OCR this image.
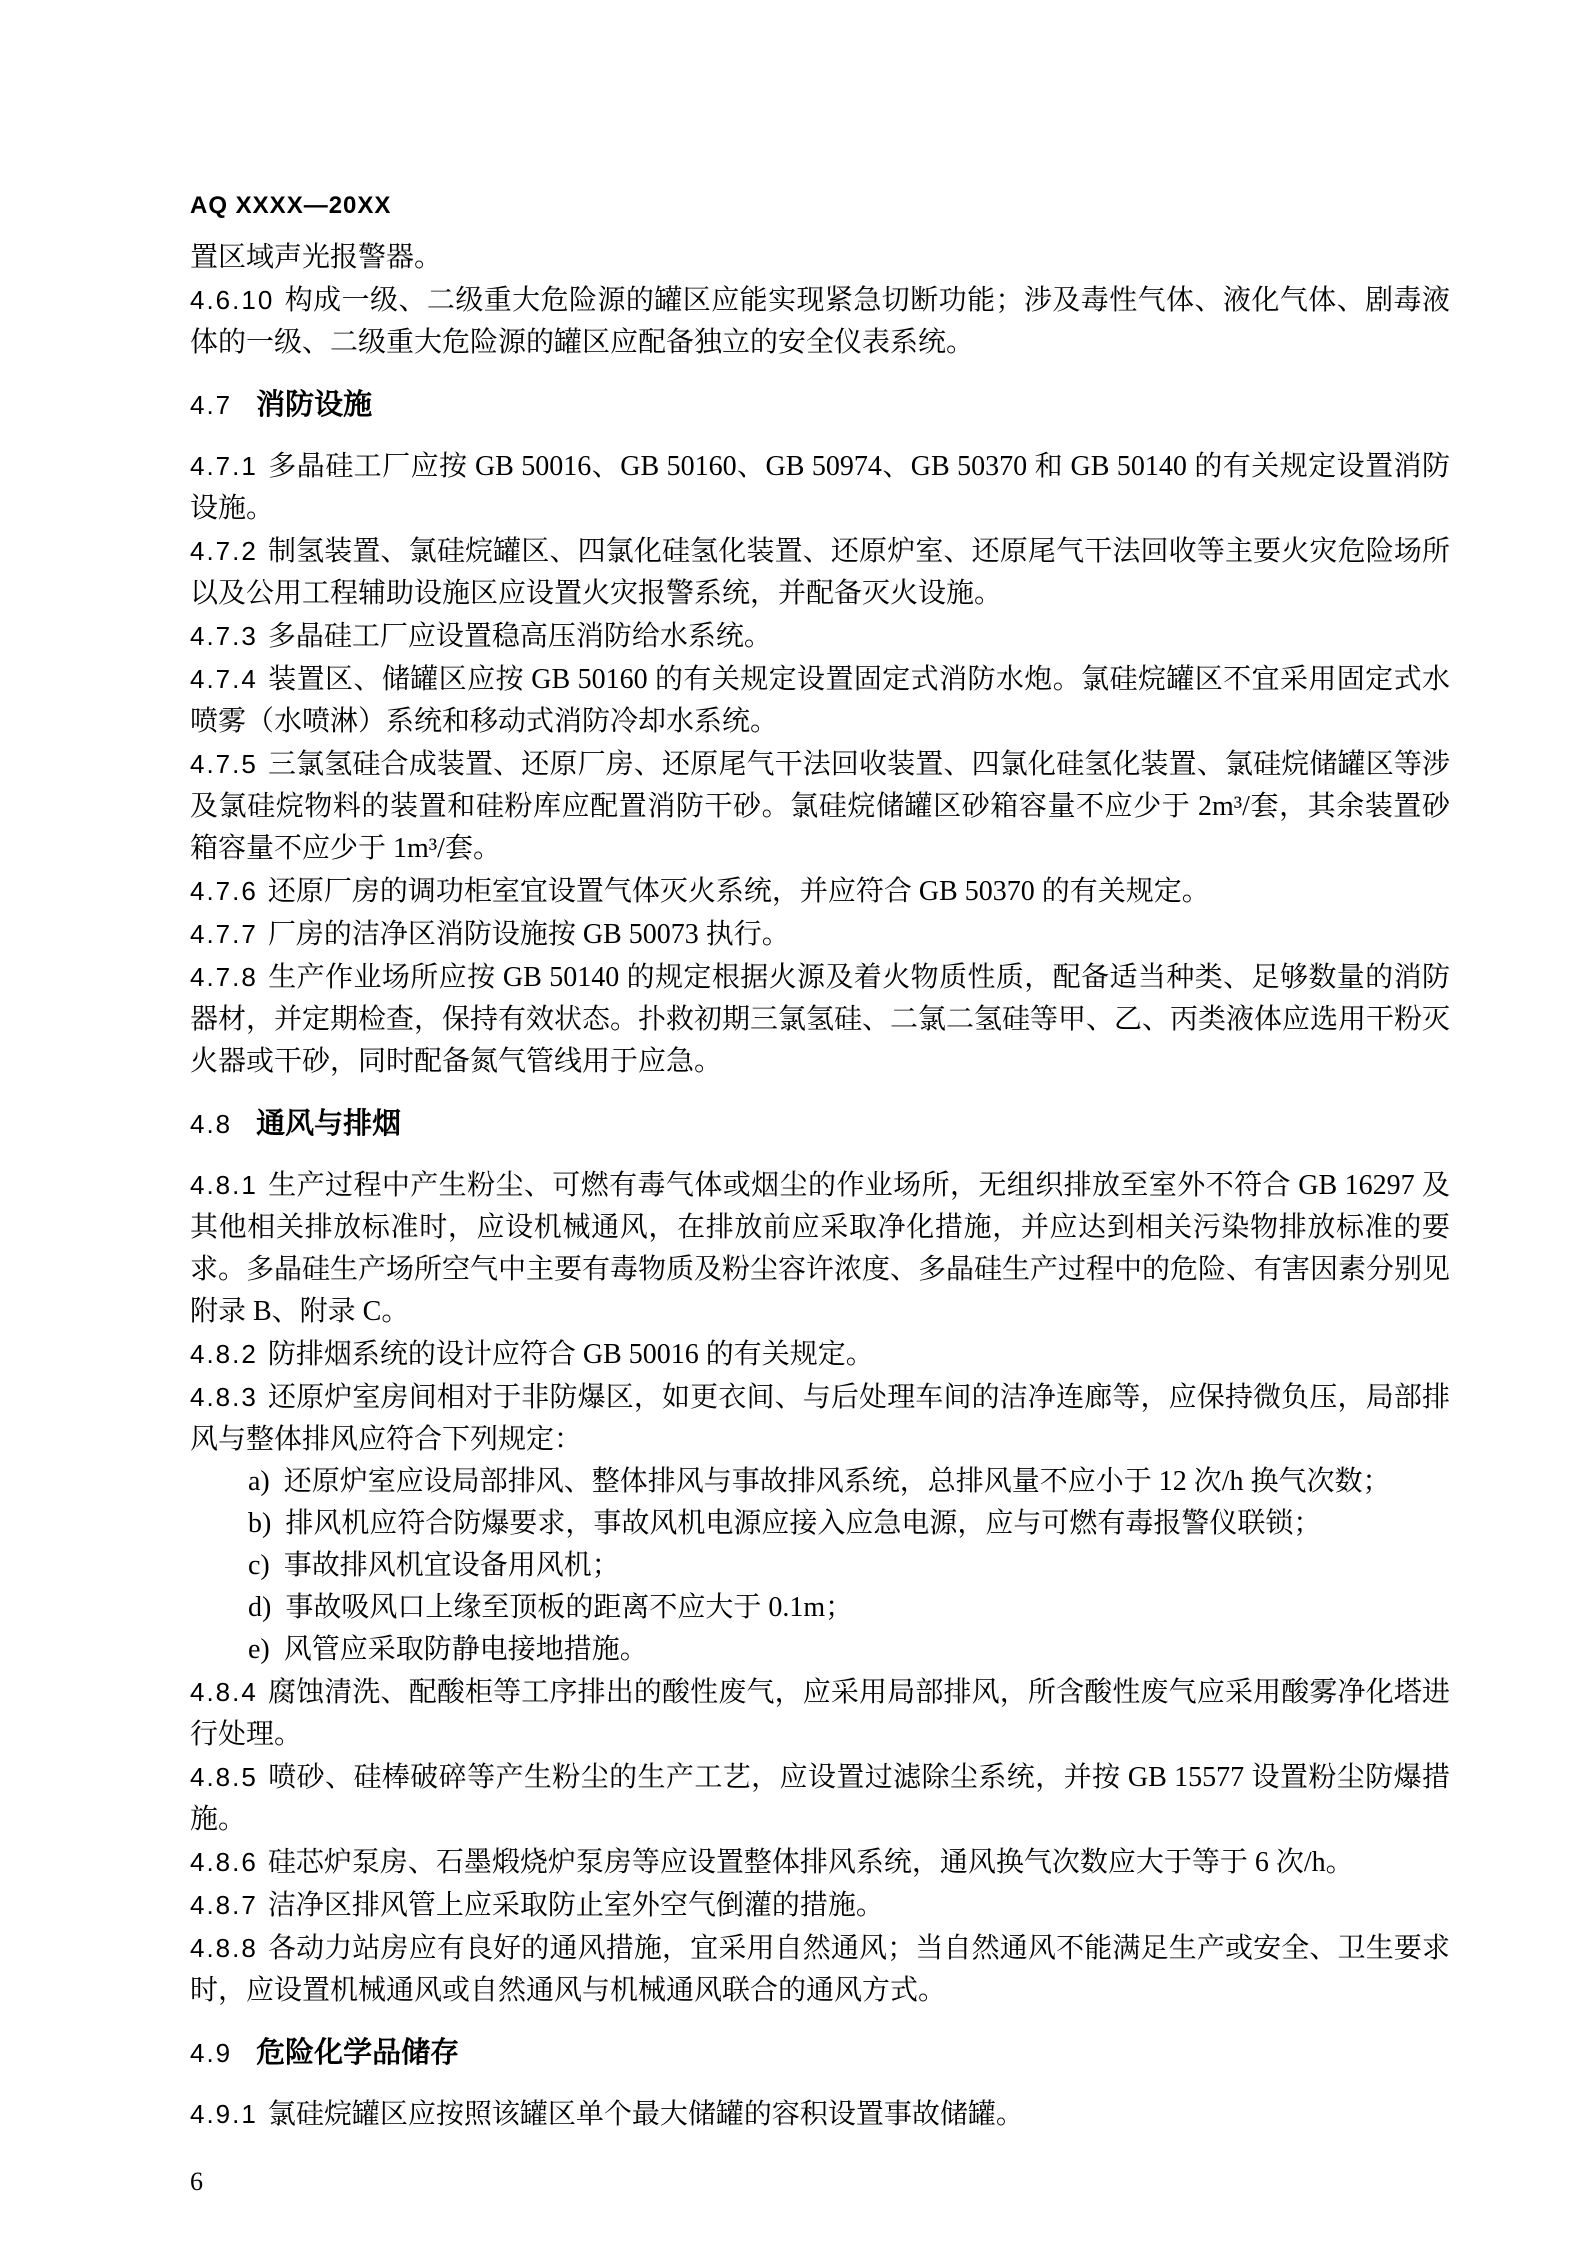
AQ XXXX—20XX

置区域声光报警器。

4.6.10 构成一级、二级重大危险源的罐区应能实现紧急切断功能；涉及毒性气体、液化气体、剧毒液体的一级、二级重大危险源的罐区应配备独立的安全仪表系统。

4.7 消防设施

4.7.1 多晶硅工厂应按 GB 50016、GB 50160、GB 50974、GB 50370 和 GB 50140 的有关规定设置消防设施。

4.7.2 制氢装置、氯硅烷罐区、四氯化硅氢化装置、还原炉室、还原尾气干法回收等主要火灾危险场所以及公用工程辅助设施区应设置火灾报警系统，并配备灭火设施。

4.7.3 多晶硅工厂应设置稳高压消防给水系统。

4.7.4 装置区、储罐区应按 GB 50160 的有关规定设置固定式消防水炮。氯硅烷罐区不宜采用固定式水喷雾（水喷淋）系统和移动式消防冷却水系统。

4.7.5 三氯氢硅合成装置、还原厂房、还原尾气干法回收装置、四氯化硅氢化装置、氯硅烷储罐区等涉及氯硅烷物料的装置和硅粉库应配置消防干砂。氯硅烷储罐区砂箱容量不应少于 2m³/套，其余装置砂箱容量不应少于 1m³/套。

4.7.6 还原厂房的调功柜室宜设置气体灭火系统，并应符合 GB 50370 的有关规定。

4.7.7 厂房的洁净区消防设施按 GB 50073 执行。

4.7.8 生产作业场所应按 GB 50140 的规定根据火源及着火物质性质，配备适当种类、足够数量的消防器材，并定期检查，保持有效状态。扑救初期三氯氢硅、二氯二氢硅等甲、乙、丙类液体应选用干粉灭火器或干砂，同时配备氮气管线用于应急。

4.8 通风与排烟

4.8.1 生产过程中产生粉尘、可燃有毒气体或烟尘的作业场所，无组织排放至室外不符合 GB 16297 及其他相关排放标准时，应设机械通风，在排放前应采取净化措施，并应达到相关污染物排放标准的要求。多晶硅生产场所空气中主要有毒物质及粉尘容许浓度、多晶硅生产过程中的危险、有害因素分别见附录 B、附录 C。

4.8.2 防排烟系统的设计应符合 GB 50016 的有关规定。

4.8.3 还原炉室房间相对于非防爆区，如更衣间、与后处理车间的洁净连廊等，应保持微负压，局部排风与整体排风应符合下列规定：

a) 还原炉室应设局部排风、整体排风与事故排风系统，总排风量不应小于 12 次/h 换气次数；

b) 排风机应符合防爆要求，事故风机电源应接入应急电源，应与可燃有毒报警仪联锁；

c) 事故排风机宜设备用风机；

d) 事故吸风口上缘至顶板的距离不应大于 0.1m；

e) 风管应采取防静电接地措施。

4.8.4 腐蚀清洗、配酸柜等工序排出的酸性废气，应采用局部排风，所含酸性废气应采用酸雾净化塔进行处理。

4.8.5 喷砂、硅棒破碎等产生粉尘的生产工艺，应设置过滤除尘系统，并按 GB 15577 设置粉尘防爆措施。

4.8.6 硅芯炉泵房、石墨煅烧炉泵房等应设置整体排风系统，通风换气次数应大于等于 6 次/h。

4.8.7 洁净区排风管上应采取防止室外空气倒灌的措施。

4.8.8 各动力站房应有良好的通风措施，宜采用自然通风；当自然通风不能满足生产或安全、卫生要求时，应设置机械通风或自然通风与机械通风联合的通风方式。

4.9 危险化学品储存

4.9.1 氯硅烷罐区应按照该罐区单个最大储罐的容积设置事故储罐。

6
